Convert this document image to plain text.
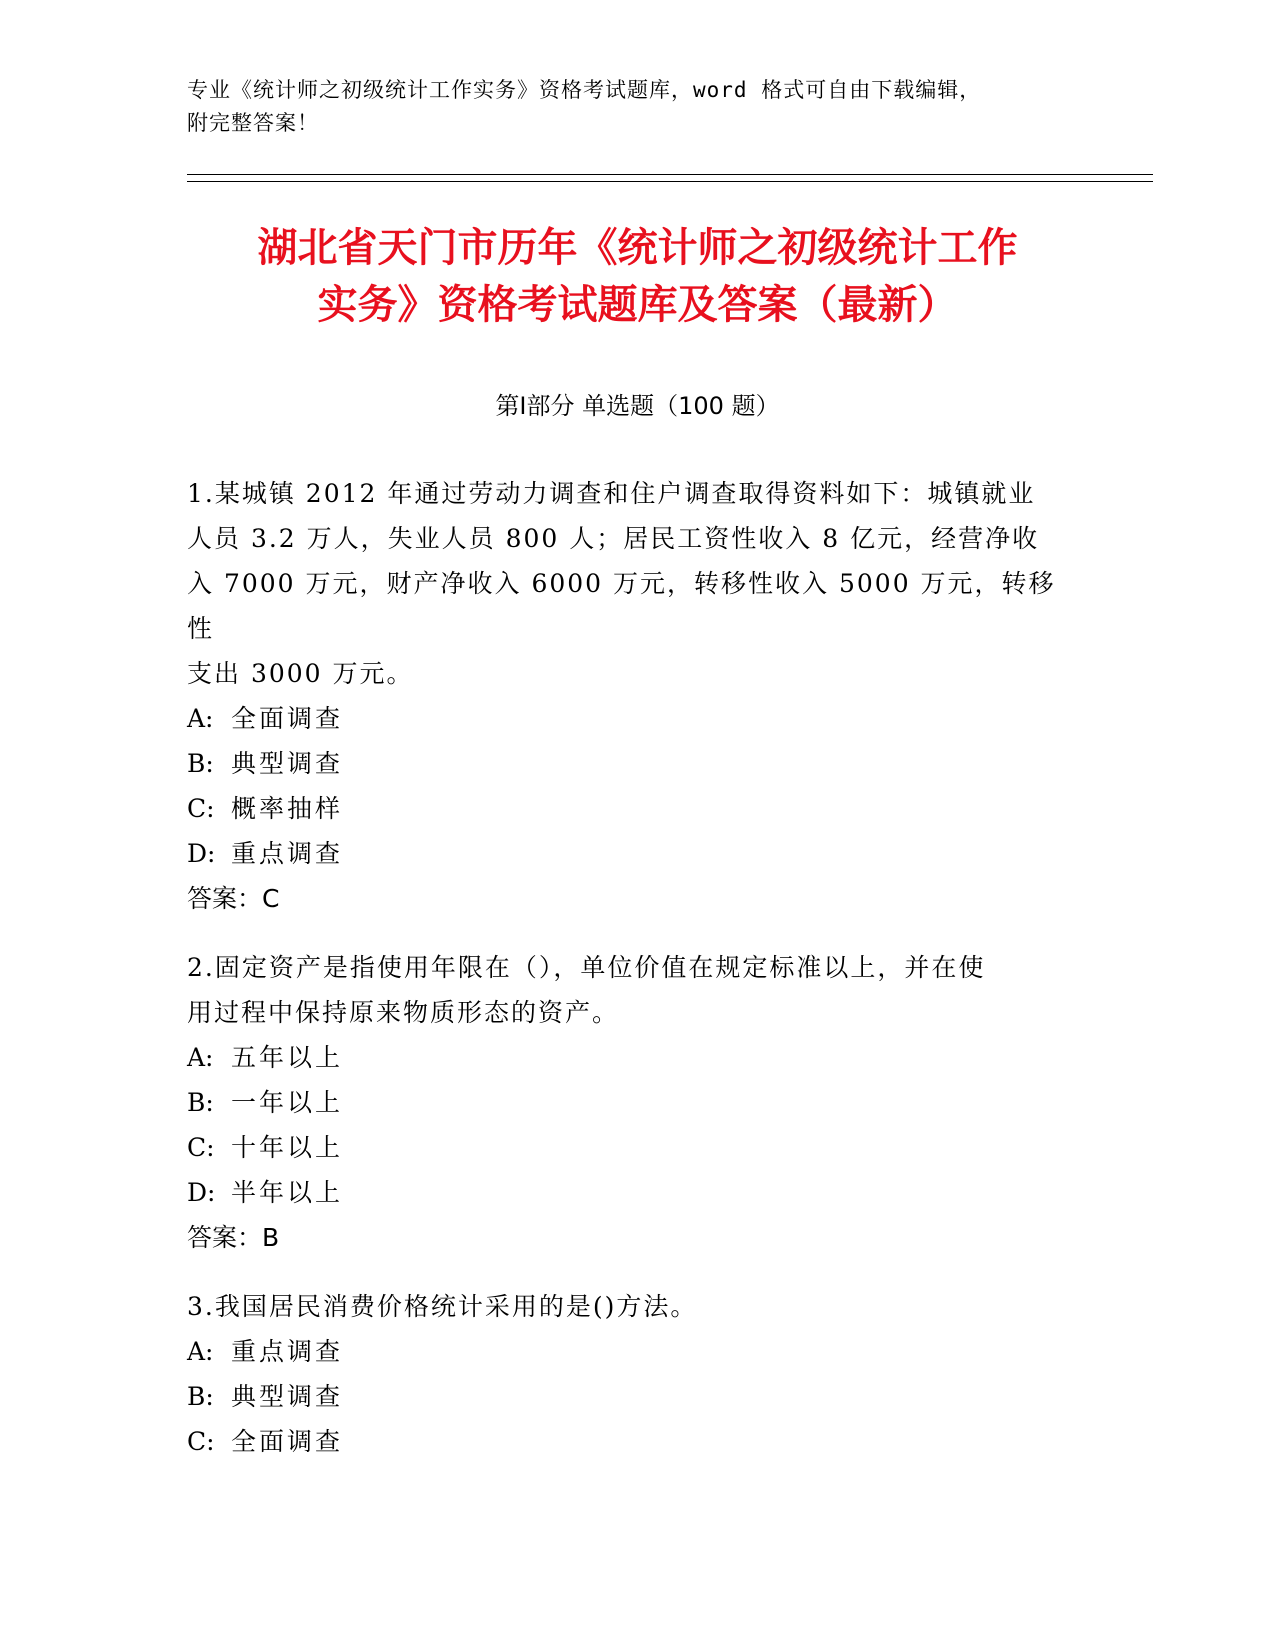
专业《统计师之初级统计工作实务》资格考试题库，word 格式可自由下载编辑，
附完整答案！
湖北省天门市历年《统计师之初级统计工作
实务》资格考试题库及答案（最新）
第Ⅰ部分 单选题（100 题）
1.某城镇 2012 年通过劳动力调查和住户调查取得资料如下：城镇就业
人员 3.2 万人，失业人员 800 人；居民工资性收入 8 亿元，经营净收
入 7000 万元，财产净收入 6000 万元，转移性收入 5000 万元，转移性
支出 3000 万元。
A: 全面调查
B: 典型调查
C: 概率抽样
D: 重点调查
答案：C
2.固定资产是指使用年限在（），单位价值在规定标准以上，并在使
用过程中保持原来物质形态的资产。
A: 五年以上
B: 一年以上
C: 十年以上
D: 半年以上
答案：B
3.我国居民消费价格统计采用的是()方法。
A: 重点调查
B: 典型调查
C: 全面调查
